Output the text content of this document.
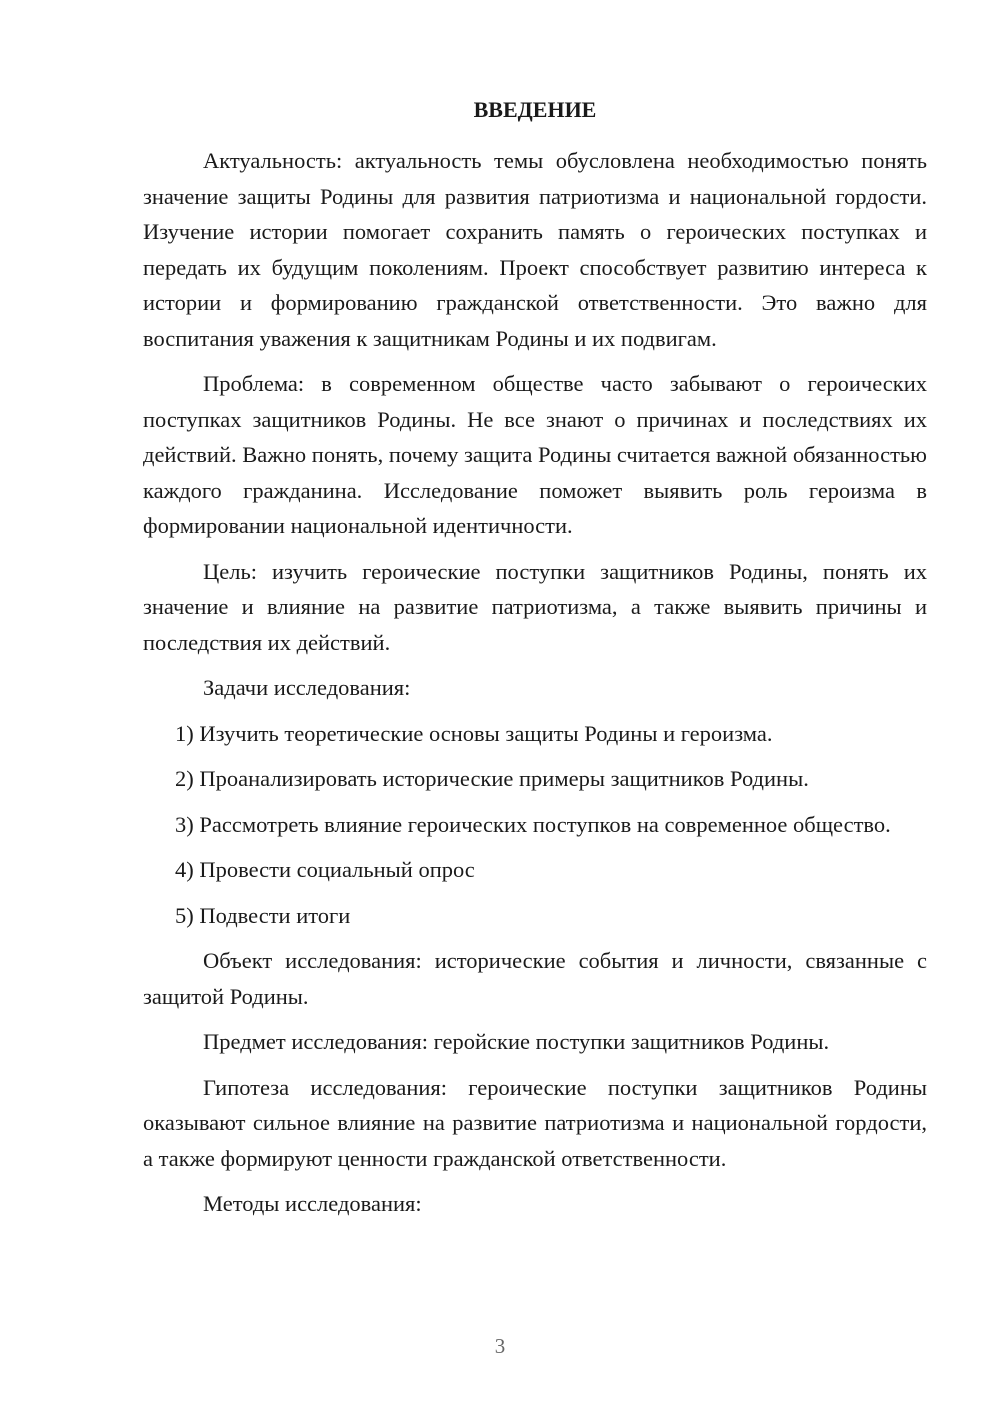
ВВЕДЕНИЕ

Актуальность: актуальность темы обусловлена необходимостью понять значение защиты Родины для развития патриотизма и национальной гордости. Изучение истории помогает сохранить память о героических поступках и передать их будущим поколениям. Проект способствует развитию интереса к истории и формированию гражданской ответственности. Это важно для воспитания уважения к защитникам Родины и их подвигам.

Проблема: в современном обществе часто забывают о героических поступках защитников Родины. Не все знают о причинах и последствиях их действий. Важно понять, почему защита Родины считается важной обязанностью каждого гражданина. Исследование поможет выявить роль героизма в формировании национальной идентичности.

Цель: изучить героические поступки защитников Родины, понять их значение и влияние на развитие патриотизма, а также выявить причины и последствия их действий.

Задачи исследования:

1) Изучить теоретические основы защиты Родины и героизма.

2) Проанализировать исторические примеры защитников Родины.

3) Рассмотреть влияние героических поступков на современное общество.

4) Провести социальный опрос

5) Подвести итоги

Объект исследования: исторические события и личности, связанные с защитой Родины.

Предмет исследования: геройские поступки защитников Родины.

Гипотеза исследования: героические поступки защитников Родины оказывают сильное влияние на развитие патриотизма и национальной гордости, а также формируют ценности гражданской ответственности.

Методы исследования:

3
